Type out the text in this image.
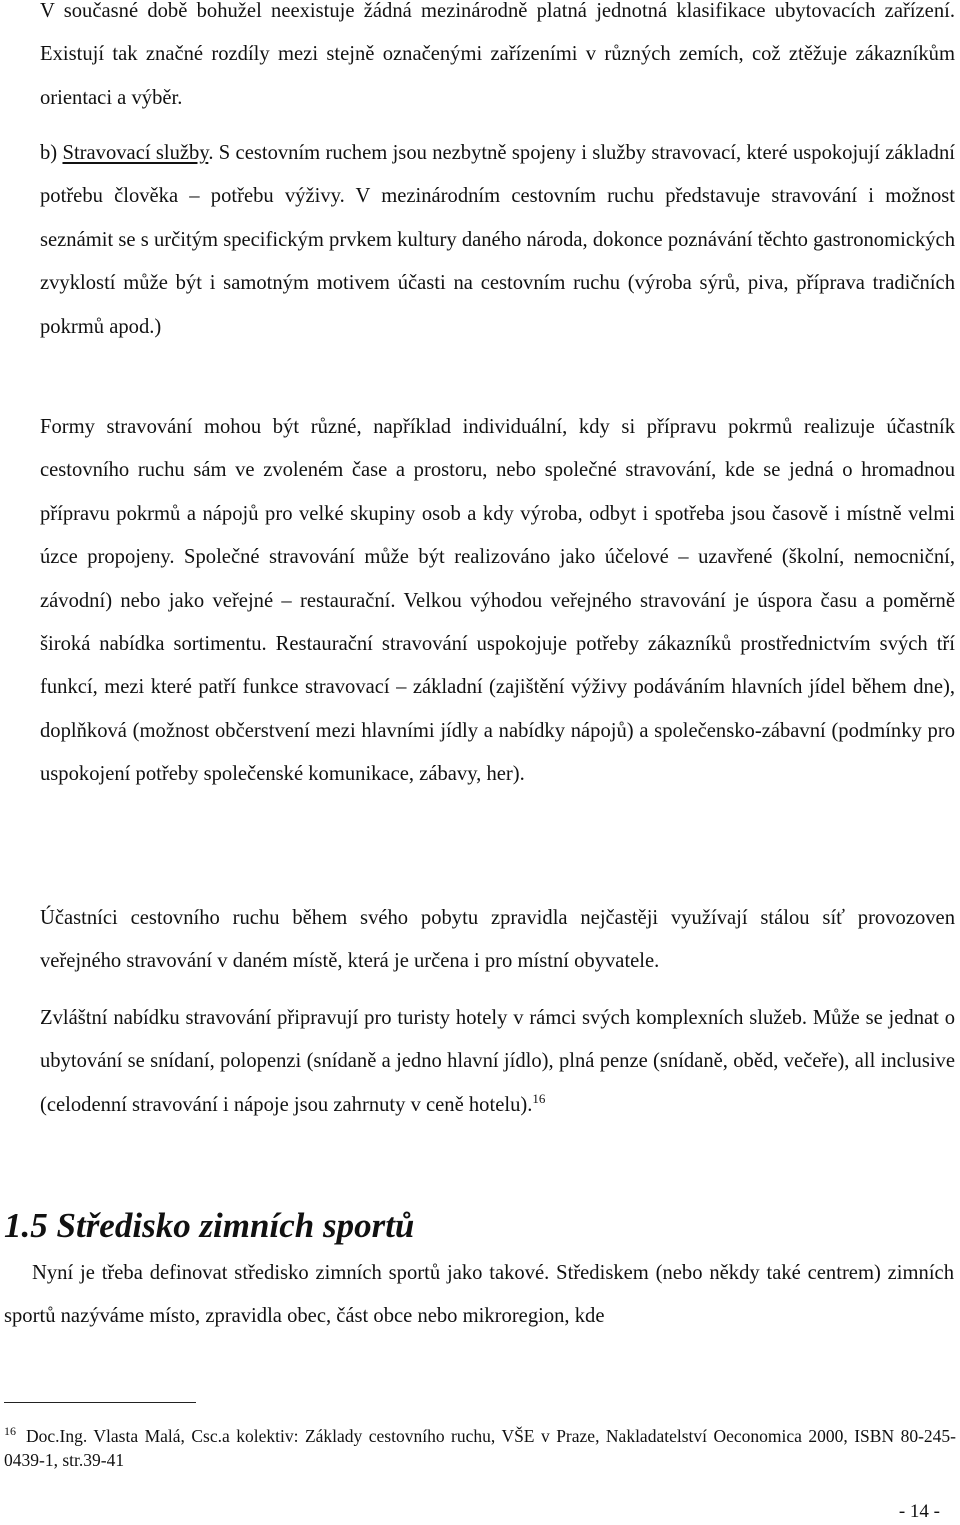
V současné době bohužel neexistuje žádná mezinárodně platná jednotná klasifikace ubytovacích zařízení. Existují tak značné rozdíly mezi stejně označenými zařízeními v různých zemích, což ztěžuje zákazníkům orientaci a výběr.

b) Stravovací služby. S cestovním ruchem jsou nezbytně spojeny i služby stravovací, které uspokojují základní potřebu člověka – potřebu výživy. V mezinárodním cestovním ruchu představuje stravování i možnost seznámit se s určitým specifickým prvkem kultury daného národa, dokonce poznávání těchto gastronomických zvyklostí může být i samotným motivem účasti na cestovním ruchu (výroba sýrů, piva, příprava tradičních pokrmů apod.)

Formy stravování mohou být různé, například individuální, kdy si přípravu pokrmů realizuje účastník cestovního ruchu sám ve zvoleném čase a prostoru, nebo společné stravování, kde se jedná o hromadnou přípravu pokrmů a nápojů pro velké skupiny osob a kdy výroba, odbyt i spotřeba jsou časově i místně velmi úzce propojeny. Společné stravování může být realizováno jako účelové – uzavřené (školní, nemocniční, závodní) nebo jako veřejné – restaurační. Velkou výhodou veřejného stravování je úspora času a poměrně široká nabídka sortimentu. Restaurační stravování uspokojuje potřeby zákazníků prostřednictvím svých tří funkcí, mezi které patří funkce stravovací – základní (zajištění výživy podáváním hlavních jídel během dne), doplňková (možnost občerstvení mezi hlavními jídly a nabídky nápojů) a společensko-zábavní (podmínky pro uspokojení potřeby společenské komunikace, zábavy, her).

Účastníci cestovního ruchu během svého pobytu zpravidla nejčastěji využívají stálou síť provozoven veřejného stravování v daném místě, která je určena i pro místní obyvatele.

Zvláštní nabídku stravování připravují pro turisty hotely v rámci svých komplexních služeb. Může se jednat o ubytování se snídaní, polopenzi (snídaně a jedno hlavní jídlo), plná penze (snídaně, oběd, večeře), all inclusive (celodenní stravování i nápoje jsou zahrnuty v ceně hotelu).$^{16}$

1.5 Středisko zimních sportů

Nyní je třeba definovat středisko zimních sportů jako takové. Střediskem (nebo někdy také centrem) zimních sportů nazýváme místo, zpravidla obec, část obce nebo mikroregion, kde

$^{16}$ Doc.Ing. Vlasta Malá, Csc.a kolektiv: Základy cestovního ruchu, VŠE v Praze, Nakladatelství Oeconomica 2000, ISBN 80-245-0439-1, str.39-41

- 14 -
